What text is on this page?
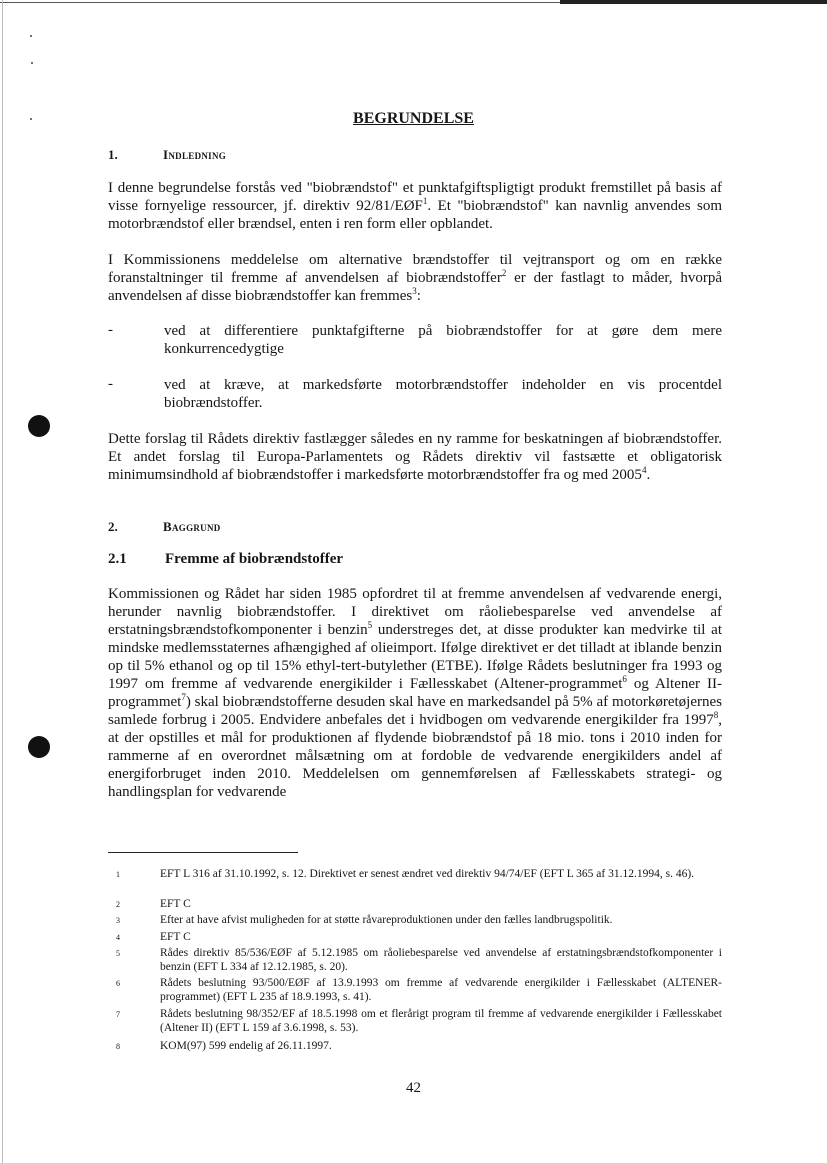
BEGRUNDELSE
1.	Indledning

I denne begrundelse forstås ved "biobrændstof" et punktafgiftspligtigt produkt fremstillet på basis af visse fornyelige ressourcer, jf. direktiv 92/81/EØF$^1$. Et "biobrændstof" kan navnlig anvendes som motorbrændstof eller brændsel, enten i ren form eller opblandet.

I Kommissionens meddelelse om alternative brændstoffer til vejtransport og om en række foranstaltninger til fremme af anvendelsen af biobrændstoffer$^2$ er der fastlagt to måder, hvorpå anvendelsen af disse biobrændstoffer kan fremmes$^3$:

-	ved at differentiere punktafgifterne på biobrændstoffer for at gøre dem mere konkurrencedygtige

-	ved at kræve, at markedsførte motorbrændstoffer indeholder en vis procentdel biobrændstoffer.

Dette forslag til Rådets direktiv fastlægger således en ny ramme for beskatningen af biobrændstoffer. Et andet forslag til Europa-Parlamentets og Rådets direktiv vil fastsætte et obligatorisk minimumsindhold af biobrændstoffer i markedsførte motorbrændstoffer fra og med 2005$^4$.

2.	Baggrund
2.1	Fremme af biobrændstoffer

Kommissionen og Rådet har siden 1985 opfordret til at fremme anvendelsen af vedvarende energi, herunder navnlig biobrændstoffer. I direktivet om råoliebesparelse ved anvendelse af erstatningsbrændstofkomponenter i benzin$^5$ understreges det, at disse produkter kan medvirke til at mindske medlemsstaternes afhængighed af olieimport. Ifølge direktivet er det tilladt at iblande benzin op til 5% ethanol og op til 15% ethyl-tert-butylether (ETBE). Ifølge Rådets beslutninger fra 1993 og 1997 om fremme af vedvarende energikilder i Fællesskabet (Altener-programmet$^6$ og Altener II-programmet$^7$) skal biobrændstofferne desuden skal have en markedsandel på 5% af motorkøretøjernes samlede forbrug i 2005. Endvidere anbefales det i hvidbogen om vedvarende energikilder fra 1997$^8$, at der opstilles et mål for produktionen af flydende biobrændstof på 18 mio. tons i 2010 inden for rammerne af en overordnet målsætning om at fordoble de vedvarende energikilders andel af energiforbruget inden 2010. Meddelelsen om gennemførelsen af Fællesskabets strategi- og handlingsplan for vedvarende

1	EFT L 316 af 31.10.1992, s. 12. Direktivet er senest ændret ved direktiv 94/74/EF (EFT L 365 af 31.12.1994, s. 46).
2	EFT C
3	Efter at have afvist muligheden for at støtte råvareproduktionen under den fælles landbrugspolitik.
4	EFT C
5	Rådes direktiv 85/536/EØF af 5.12.1985 om råoliebesparelse ved anvendelse af erstatningsbrændstofkomponenter i benzin (EFT L 334 af 12.12.1985, s. 20).
6	Rådets beslutning 93/500/EØF af 13.9.1993 om fremme af vedvarende energikilder i Fællesskabet (ALTENER-programmet) (EFT L 235 af 18.9.1993, s. 41).
7	Rådets beslutning 98/352/EF af 18.5.1998 om et flerårigt program til fremme af vedvarende energikilder i Fællesskabet (Altener II) (EFT L 159 af 3.6.1998, s. 53).
8	KOM(97) 599 endelig af 26.11.1997.
42
